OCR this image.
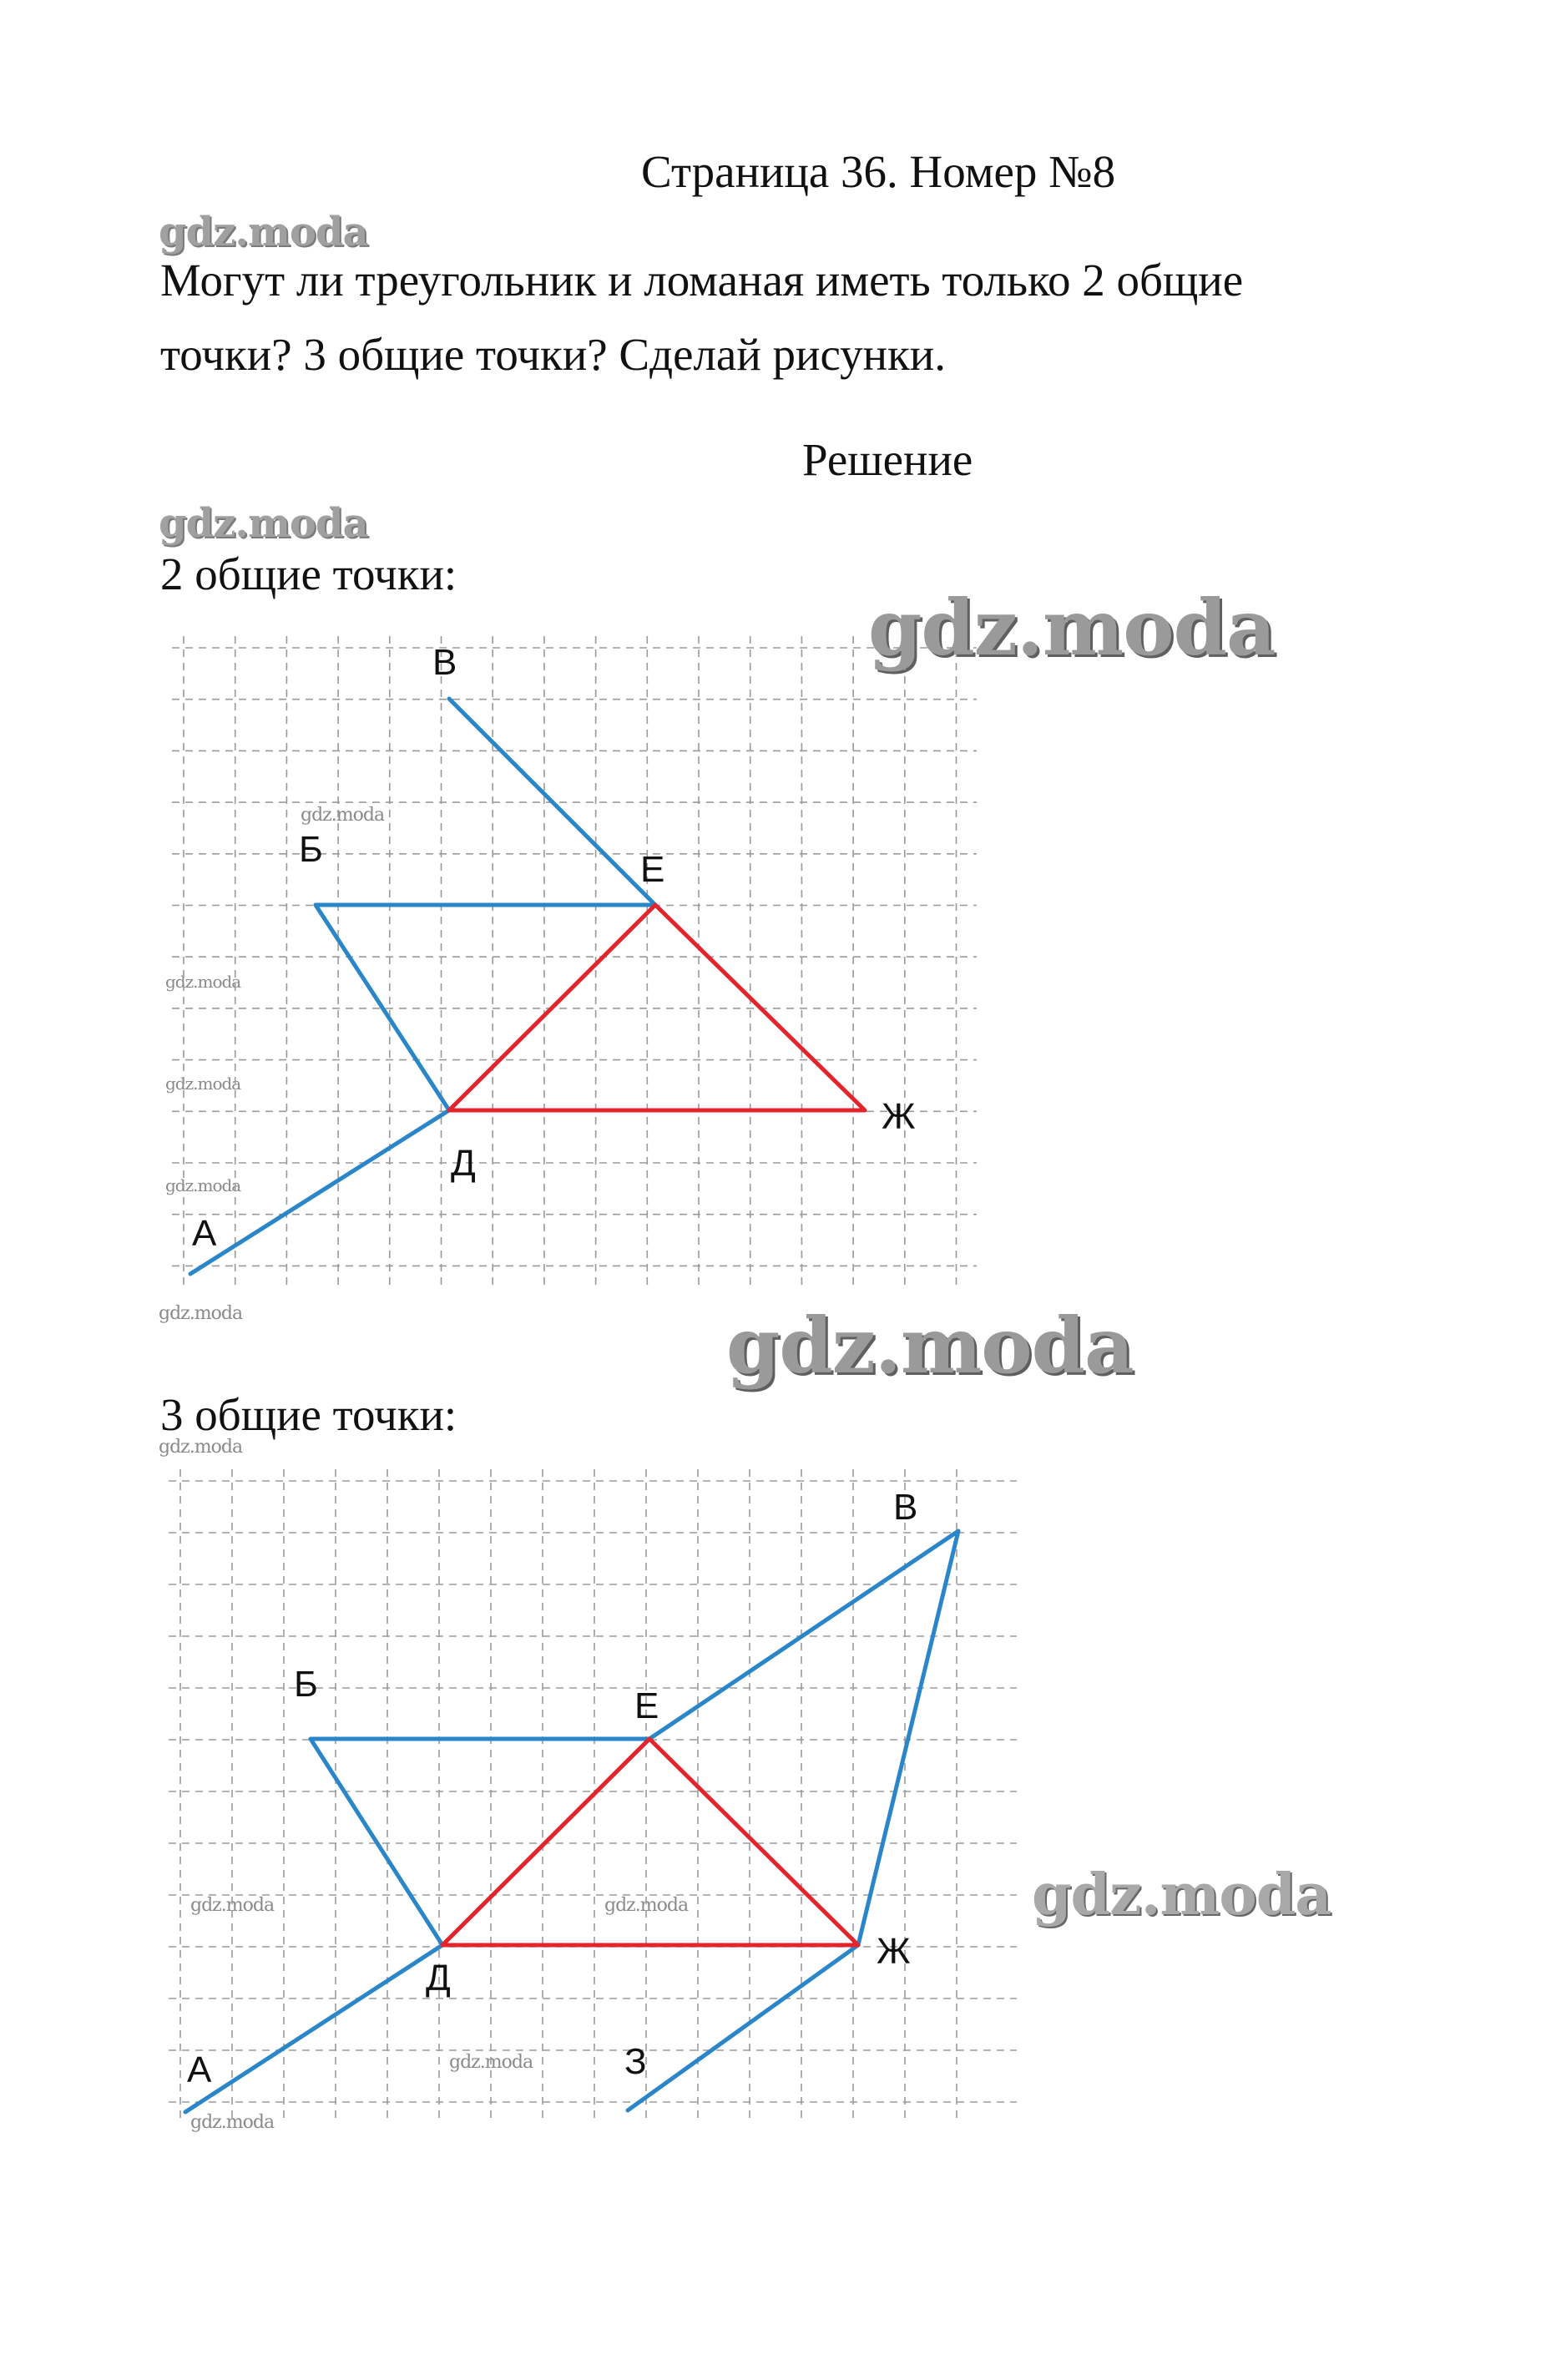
Страница 36. Номер №8
gdz.moda
Могут ли треугольник и ломаная иметь только 2 общие
точки? 3 общие точки? Сделай рисунки.
Решение
gdz.moda
2 общие точки:
gdz.moda
gdz.moda
gdz.moda
gdz.moda
gdz.moda
gdz.moda	gdz.moda
3 общие точки:
gdz.moda
gdz.moda
gdz.moda	gdz.moda
gdz.moda
gdz.moda
В
Б	Е
Ж
Д
А
В
Б
Е
Ж
Д
З
А
